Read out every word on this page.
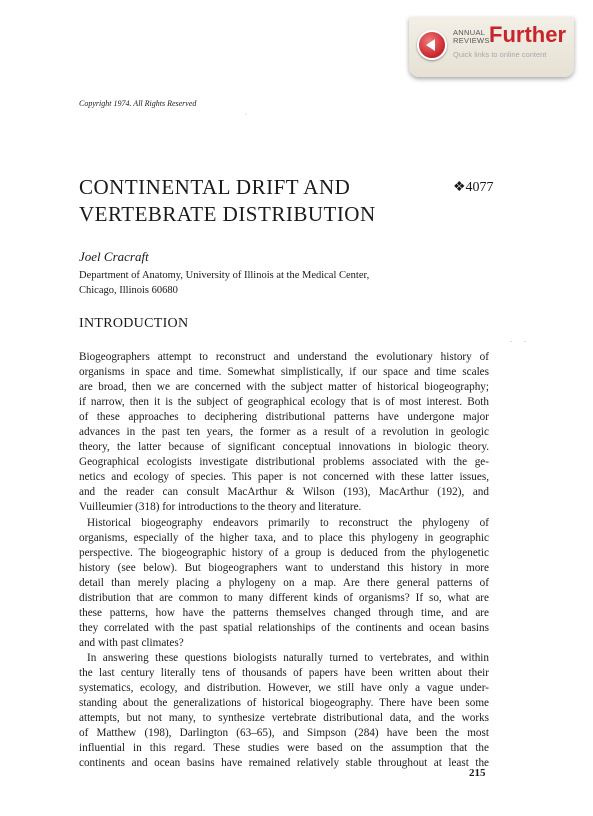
ANNUAL
REVIEWS Further
Quick links to online content
Copyright 1974. All Rights Reserved
·
CONTINENTAL DRIFT AND
VERTEBRATE DISTRIBUTION
❖4077
Joel Cracraft
Department of Anatomy, University of Illinois at the Medical Center,
Chicago, Illinois 60680
INTRODUCTION
‐        ‐
Biogeographers attempt to reconstruct and understand the evolutionary history of
organisms in space and time. Somewhat simplistically, if our space and time scales
are broad, then we are concerned with the subject matter of historical biogeography;
if narrow, then it is the subject of geographical ecology that is of most interest. Both
of these approaches to deciphering distributional patterns have undergone major
advances in the past ten years, the former as a result of a revolution in geologic
theory, the latter because of significant conceptual innovations in biologic theory.
Geographical ecologists investigate distributional problems associated with the ge-
netics and ecology of species. This paper is not concerned with these latter issues,
and the reader can consult MacArthur & Wilson (193), MacArthur (192), and
Vuilleumier (318) for introductions to the theory and literature.
Historical biogeography endeavors primarily to reconstruct the phylogeny of
organisms, especially of the higher taxa, and to place this phylogeny in geographic
perspective. The biogeographic history of a group is deduced from the phylogenetic
history (see below). But biogeographers want to understand this history in more
detail than merely placing a phylogeny on a map. Are there general patterns of
distribution that are common to many different kinds of organisms? If so, what are
these patterns, how have the patterns themselves changed through time, and are
they correlated with the past spatial relationships of the continents and ocean basins
and with past climates?
In answering these questions biologists naturally turned to vertebrates, and within
the last century literally tens of thousands of papers have been written about their
systematics, ecology, and distribution. However, we still have only a vague under-
standing about the generalizations of historical biogeography. There have been some
attempts, but not many, to synthesize vertebrate distributional data, and the works
of Matthew (198), Darlington (63–65), and Simpson (284) have been the most
influential in this regard. These studies were based on the assumption that the
continents and ocean basins have remained relatively stable throughout at least the
215
